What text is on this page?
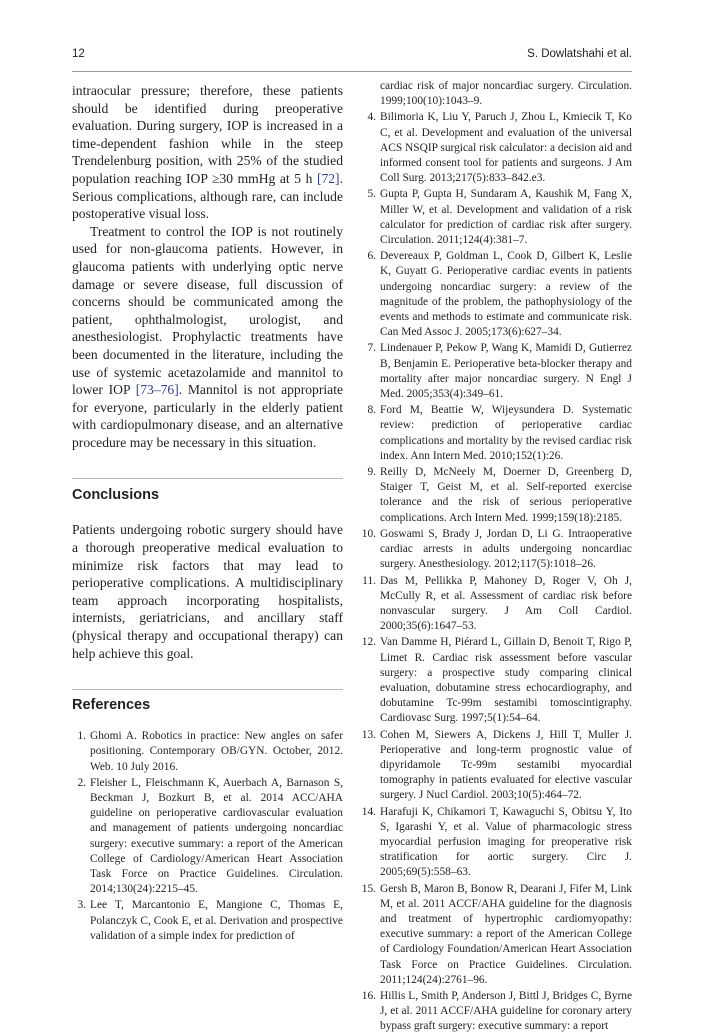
12	S. Dowlatshahi et al.

intraocular pressure; therefore, these patients should be identified during preoperative evaluation. During surgery, IOP is increased in a time-dependent fashion while in the steep Trendelenburg position, with 25% of the studied population reaching IOP ≥30 mmHg at 5 h [72]. Serious complications, although rare, can include postoperative visual loss.

Treatment to control the IOP is not routinely used for non-glaucoma patients. However, in glaucoma patients with underlying optic nerve damage or severe disease, full discussion of concerns should be communicated among the patient, ophthalmologist, urologist, and anesthesiologist. Prophylactic treatments have been documented in the literature, including the use of systemic acetazolamide and mannitol to lower IOP [73–76]. Mannitol is not appropriate for everyone, particularly in the elderly patient with cardiopulmonary disease, and an alternative procedure may be necessary in this situation.

Conclusions

Patients undergoing robotic surgery should have a thorough preoperative medical evaluation to minimize risk factors that may lead to perioperative complications. A multidisciplinary team approach incorporating hospitalists, internists, geriatricians, and ancillary staff (physical therapy and occupational therapy) can help achieve this goal.

References
1. Ghomi A. Robotics in practice: New angles on safer positioning. Contemporary OB/GYN. October, 2012. Web. 10 July 2016.
2. Fleisher L, Fleischmann K, Auerbach A, Barnason S, Beckman J, Bozkurt B, et al. 2014 ACC/AHA guideline on perioperative cardiovascular evaluation and management of patients undergoing noncardiac surgery: executive summary: a report of the American College of Cardiology/American Heart Association Task Force on Practice Guidelines. Circulation. 2014;130(24):2215–45.
3. Lee T, Marcantonio E, Mangione C, Thomas E, Polanczyk C, Cook E, et al. Derivation and prospective validation of a simple index for prediction of
cardiac risk of major noncardiac surgery. Circulation. 1999;100(10):1043–9.
4. Bilimoria K, Liu Y, Paruch J, Zhou L, Kmiecik T, Ko C, et al. Development and evaluation of the universal ACS NSQIP surgical risk calculator: a decision aid and informed consent tool for patients and surgeons. J Am Coll Surg. 2013;217(5):833–842.e3.
5. Gupta P, Gupta H, Sundaram A, Kaushik M, Fang X, Miller W, et al. Development and validation of a risk calculator for prediction of cardiac risk after surgery. Circulation. 2011;124(4):381–7.
6. Devereaux P, Goldman L, Cook D, Gilbert K, Leslie K, Guyatt G. Perioperative cardiac events in patients undergoing noncardiac surgery: a review of the magnitude of the problem, the pathophysiology of the events and methods to estimate and communicate risk. Can Med Assoc J. 2005;173(6):627–34.
7. Lindenauer P, Pekow P, Wang K, Mamidi D, Gutierrez B, Benjamin E. Perioperative beta-blocker therapy and mortality after major noncardiac surgery. N Engl J Med. 2005;353(4):349–61.
8. Ford M, Beattie W, Wijeysundera D. Systematic review: prediction of perioperative cardiac complications and mortality by the revised cardiac risk index. Ann Intern Med. 2010;152(1):26.
9. Reilly D, McNeely M, Doerner D, Greenberg D, Staiger T, Geist M, et al. Self-reported exercise tolerance and the risk of serious perioperative complications. Arch Intern Med. 1999;159(18):2185.
10. Goswami S, Brady J, Jordan D, Li G. Intraoperative cardiac arrests in adults undergoing noncardiac surgery. Anesthesiology. 2012;117(5):1018–26.
11. Das M, Pellikka P, Mahoney D, Roger V, Oh J, McCully R, et al. Assessment of cardiac risk before nonvascular surgery. J Am Coll Cardiol. 2000;35(6):1647–53.
12. Van Damme H, Piérard L, Gillain D, Benoit T, Rigo P, Limet R. Cardiac risk assessment before vascular surgery: a prospective study comparing clinical evaluation, dobutamine stress echocardiography, and dobutamine Tc-99m sestamibi tomoscintigraphy. Cardiovasc Surg. 1997;5(1):54–64.
13. Cohen M, Siewers A, Dickens J, Hill T, Muller J. Perioperative and long-term prognostic value of dipyridamole Tc-99m sestamibi myocardial tomography in patients evaluated for elective vascular surgery. J Nucl Cardiol. 2003;10(5):464–72.
14. Harafuji K, Chikamori T, Kawaguchi S, Obitsu Y, Ito S, Igarashi Y, et al. Value of pharmacologic stress myocardial perfusion imaging for preoperative risk stratification for aortic surgery. Circ J. 2005;69(5):558–63.
15. Gersh B, Maron B, Bonow R, Dearani J, Fifer M, Link M, et al. 2011 ACCF/AHA guideline for the diagnosis and treatment of hypertrophic cardiomyopathy: executive summary: a report of the American College of Cardiology Foundation/American Heart Association Task Force on Practice Guidelines. Circulation. 2011;124(24):2761–96.
16. Hillis L, Smith P, Anderson J, Bittl J, Bridges C, Byrne J, et al. 2011 ACCF/AHA guideline for coronary artery bypass graft surgery: executive summary: a report
